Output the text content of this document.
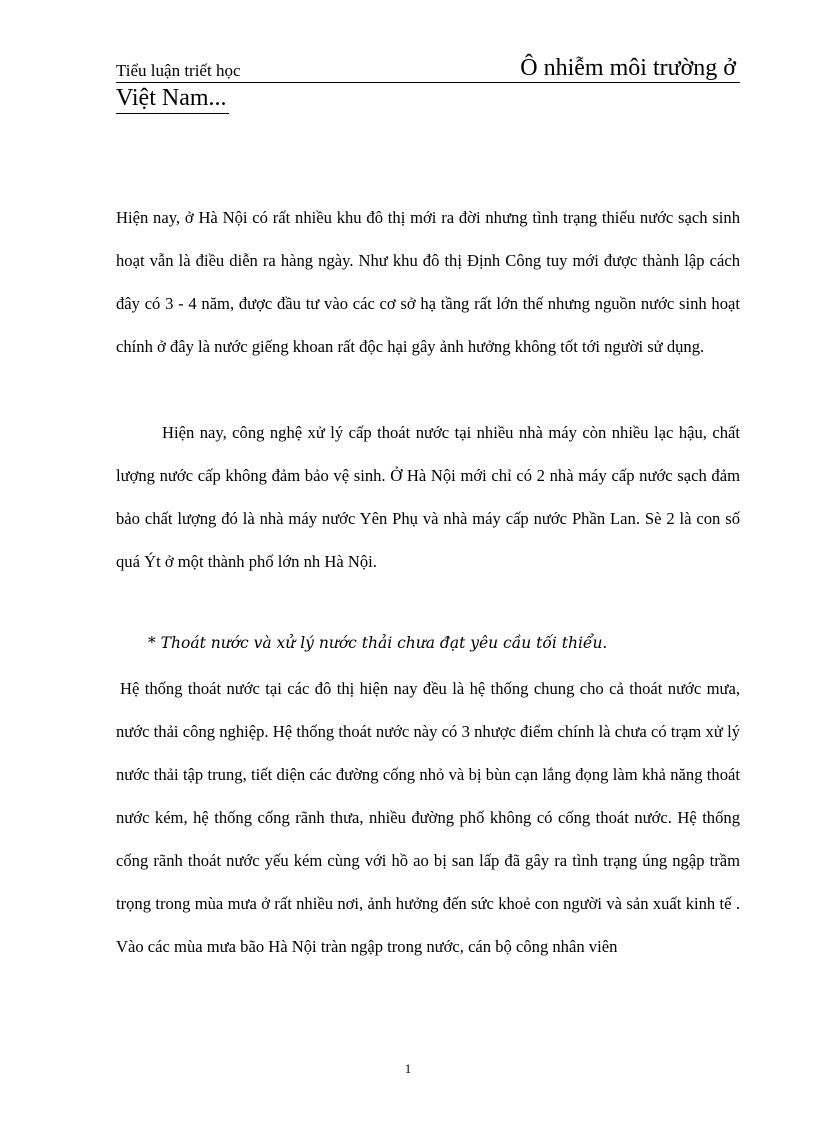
Tiểu luận triết học	Ô nhiễm môi trường ở
Việt Nam...

Hiện nay, ở Hà Nội có rất nhiều khu đô thị mới ra đời nhưng tình trạng thiếu nước sạch sinh hoạt vẫn là điều diễn ra hàng ngày. Như khu đô thị Định Công tuy mới được thành lập cách đây có 3 - 4 năm, được đầu tư vào các cơ sở hạ tầng rất lớn thế nhưng nguồn nước sinh hoạt chính ở đây là nước giếng khoan rất độc hại gây ảnh hưởng không tốt tới người sử dụng.

Hiện nay, công nghệ xử lý cấp thoát nước tại nhiều nhà máy còn nhiều lạc hậu, chất lượng nước cấp không đảm bảo vệ sinh. Ở Hà Nội mới chỉ có 2 nhà máy cấp nước sạch đảm bảo chất lượng đó là nhà máy nước Yên Phụ và nhà máy cấp nước Phần Lan. Sè 2 là con số quá Ýt ở một thành phố lớn nh Hà Nội.

* Thoát nước và xử lý nước thải chưa đạt yêu cầu tối thiểu.

Hệ thống thoát nước tại các đô thị hiện nay đều là hệ thống chung cho cả thoát nước mưa, nước thải công nghiệp. Hệ thống thoát nước này có 3 nhược điểm chính là chưa có trạm xử lý nước thải tập trung, tiết diện các đường cống nhỏ và bị bùn cạn lắng đọng làm khả năng thoát nước kém, hệ thống cống rãnh thưa, nhiều đường phố không có cống thoát nước. Hệ thống cống rãnh thoát nước yếu kém cùng với hồ ao bị san lấp đã gây ra tình trạng úng ngập trầm trọng trong mùa mưa ở rất nhiều nơi, ảnh hưởng đến sức khoẻ con người và sản xuất kinh tế . Vào các mùa mưa bão Hà Nội tràn ngập trong nước, cán bộ công nhân viên

1
